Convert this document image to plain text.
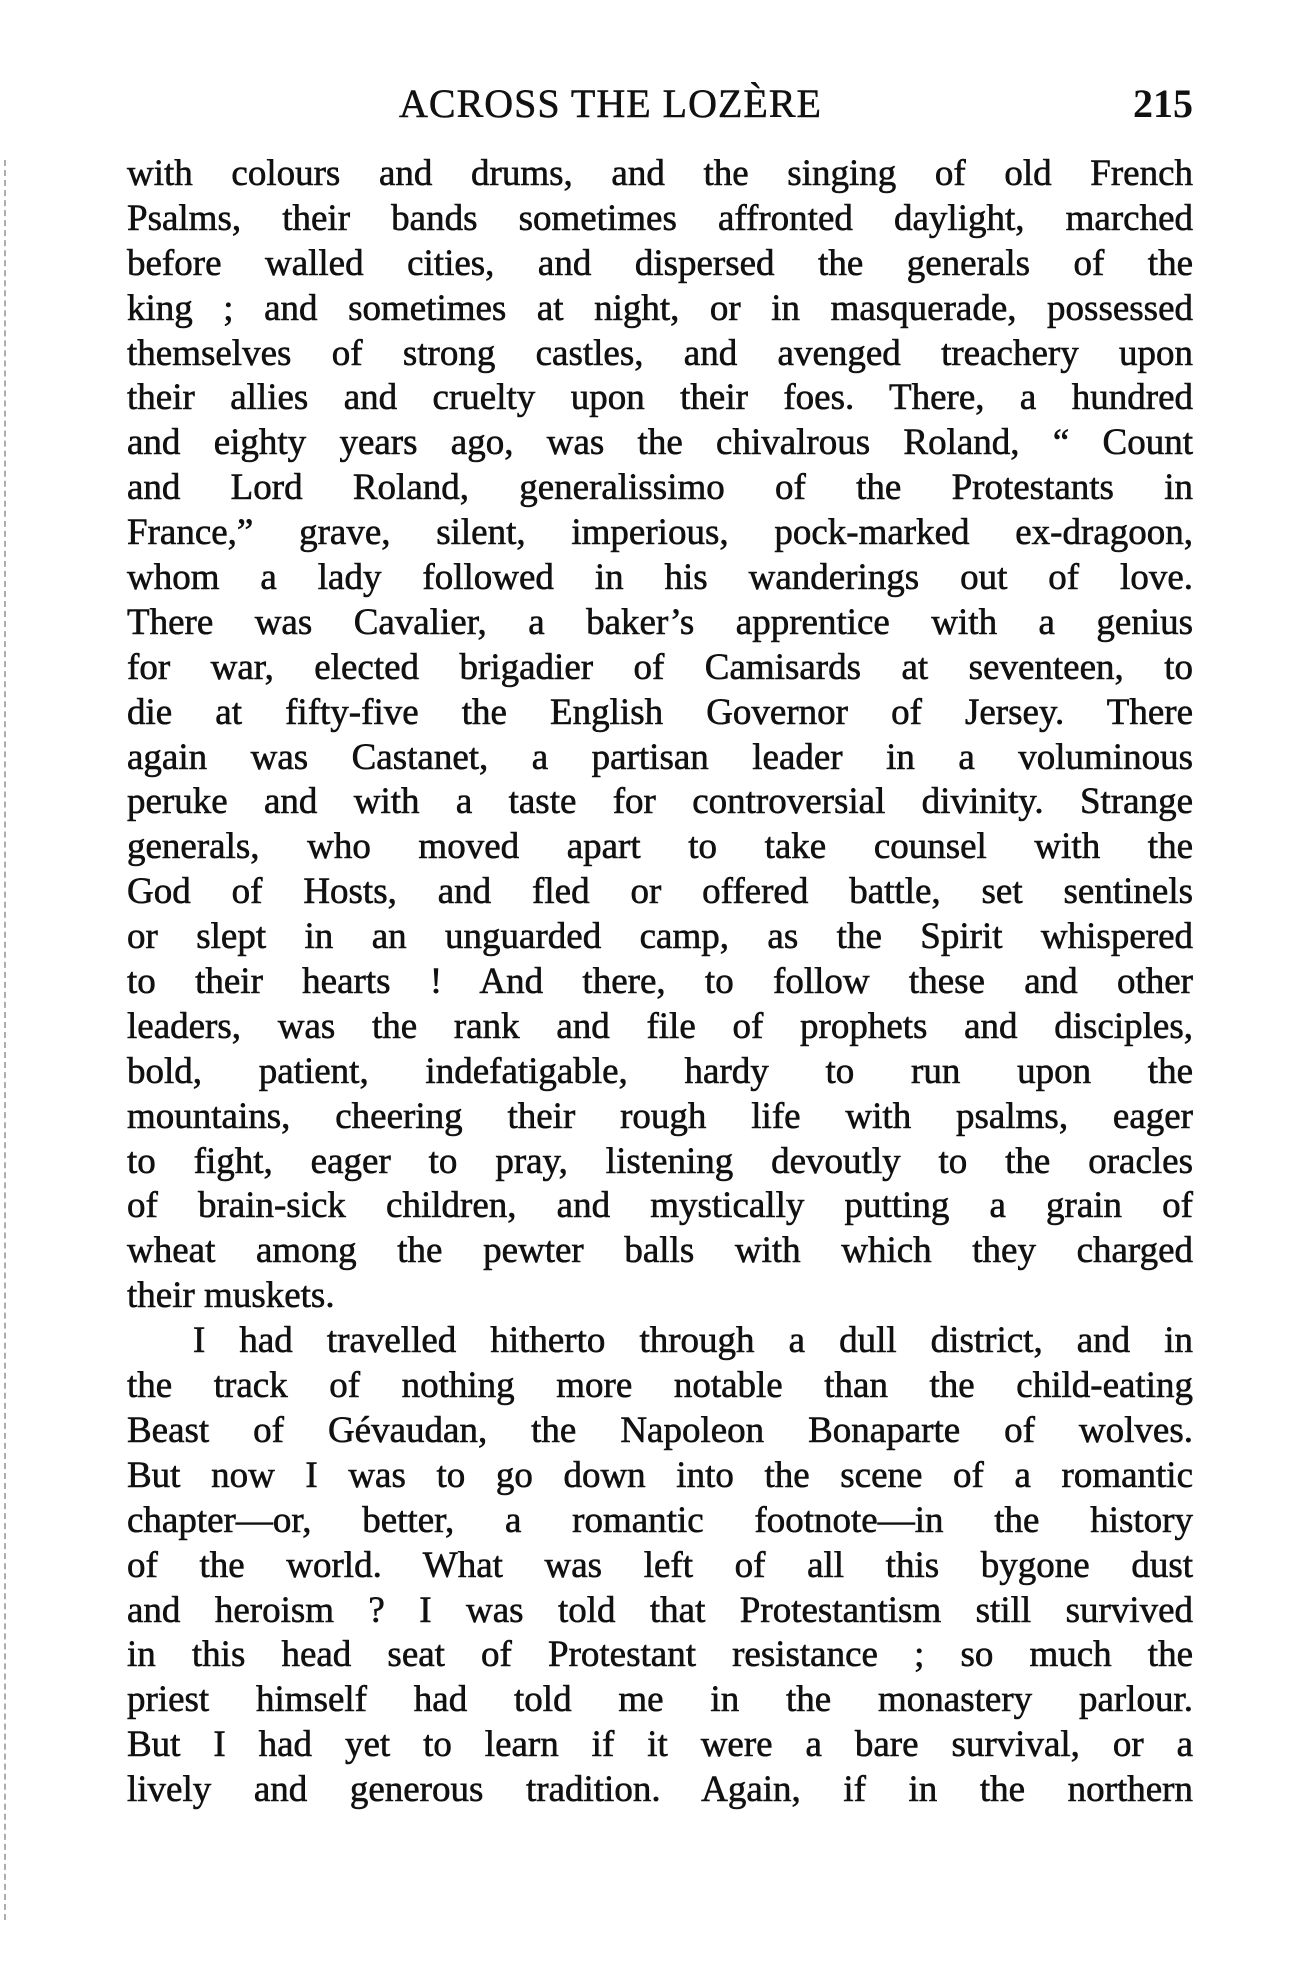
ACROSS THE LOZÈRE	215
with colours and drums, and the singing of old French
Psalms, their bands sometimes affronted daylight, marched
before walled cities, and dispersed the generals of the
king ; and sometimes at night, or in masquerade, possessed
themselves of strong castles, and avenged treachery upon
their allies and cruelty upon their foes. There, a hundred
and eighty years ago, was the chivalrous Roland, “ Count
and Lord Roland, generalissimo of the Protestants in
France,” grave, silent, imperious, pock-marked ex-dragoon,
whom a lady followed in his wanderings out of love.
There was Cavalier, a baker’s apprentice with a genius
for war, elected brigadier of Camisards at seventeen, to
die at fifty-five the English Governor of Jersey. There
again was Castanet, a partisan leader in a voluminous
peruke and with a taste for controversial divinity. Strange
generals, who moved apart to take counsel with the
God of Hosts, and fled or offered battle, set sentinels
or slept in an unguarded camp, as the Spirit whispered
to their hearts ! And there, to follow these and other
leaders, was the rank and file of prophets and disciples,
bold, patient, indefatigable, hardy to run upon the
mountains, cheering their rough life with psalms, eager
to fight, eager to pray, listening devoutly to the oracles
of brain-sick children, and mystically putting a grain of
wheat among the pewter balls with which they charged
their muskets.
I had travelled hitherto through a dull district, and in
the track of nothing more notable than the child-eating
Beast of Gévaudan, the Napoleon Bonaparte of wolves.
But now I was to go down into the scene of a romantic
chapter—or, better, a romantic footnote—in the history
of the world. What was left of all this bygone dust
and heroism ? I was told that Protestantism still survived
in this head seat of Protestant resistance ; so much the
priest himself had told me in the monastery parlour.
But I had yet to learn if it were a bare survival, or a
lively and generous tradition. Again, if in the northern
